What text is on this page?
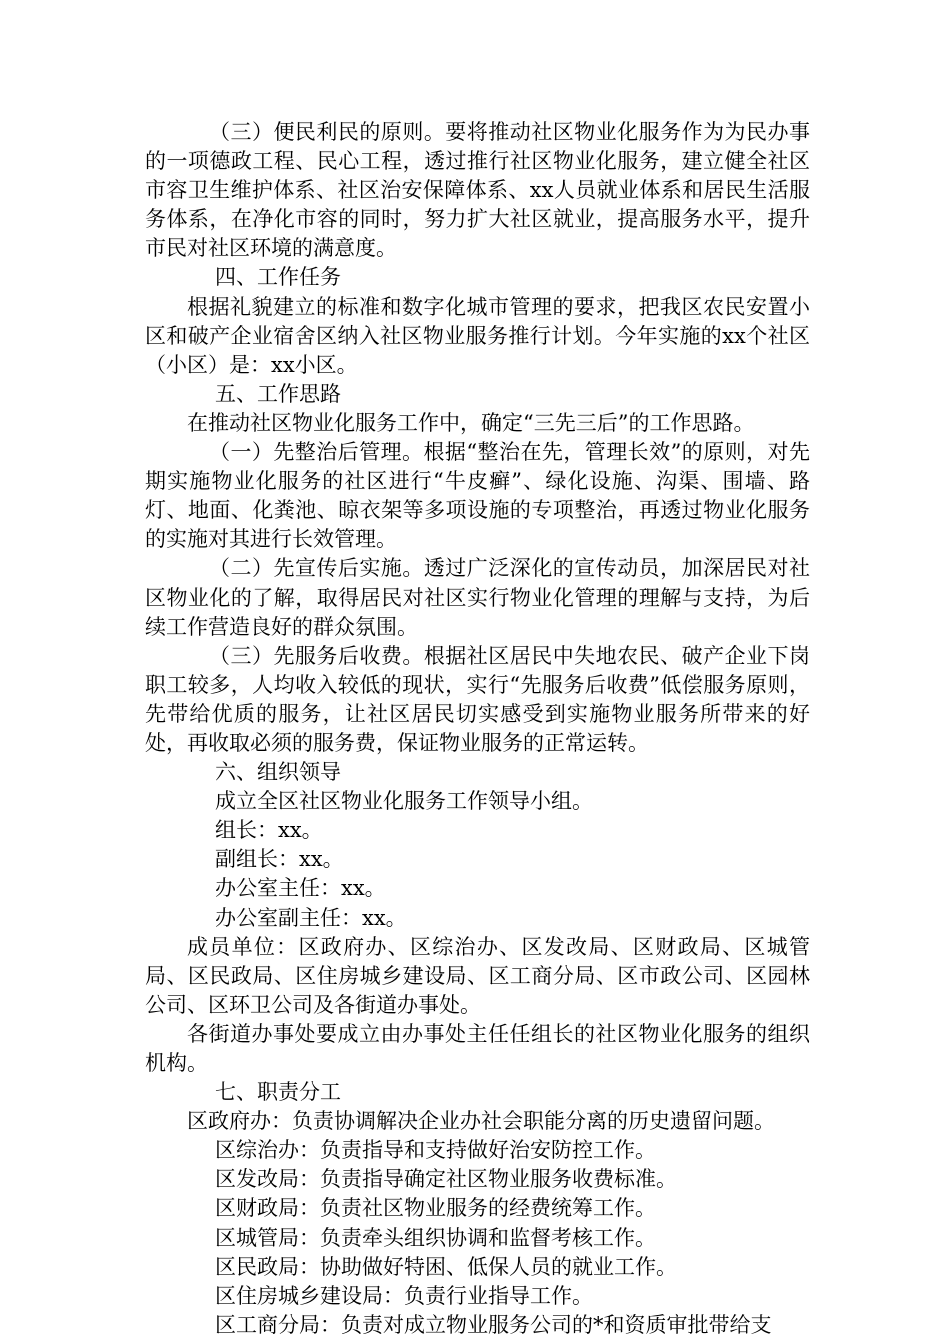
（三）便民利民的原则。要将推动社区物业化服务作为为民办事的一项德政工程、民心工程，透过推行社区物业化服务，建立健全社区市容卫生维护体系、社区治安保障体系、xx人员就业体系和居民生活服务体系，在净化市容的同时，努力扩大社区就业，提高服务水平，提升市民对社区环境的满意度。

四、工作任务

根据礼貌建立的标准和数字化城市管理的要求，把我区农民安置小区和破产企业宿舍区纳入社区物业服务推行计划。今年实施的xx个社区（小区）是：xx小区。

五、工作思路

在推动社区物业化服务工作中，确定“三先三后”的工作思路。

（一）先整治后管理。根据“整治在先，管理长效”的原则，对先期实施物业化服务的社区进行“牛皮癣”、绿化设施、沟渠、围墙、路灯、地面、化粪池、晾衣架等多项设施的专项整治，再透过物业化服务的实施对其进行长效管理。

（二）先宣传后实施。透过广泛深化的宣传动员，加深居民对社区物业化的了解，取得居民对社区实行物业化管理的理解与支持，为后续工作营造良好的群众氛围。

（三）先服务后收费。根据社区居民中失地农民、破产企业下岗职工较多，人均收入较低的现状，实行“先服务后收费”低偿服务原则，先带给优质的服务，让社区居民切实感受到实施物业服务所带来的好处，再收取必须的服务费，保证物业服务的正常运转。

六、组织领导

成立全区社区物业化服务工作领导小组。

组长：xx。

副组长：xx。

办公室主任：xx。

办公室副主任：xx。

成员单位：区政府办、区综治办、区发改局、区财政局、区城管局、区民政局、区住房城乡建设局、区工商分局、区市政公司、区园林公司、区环卫公司及各街道办事处。

各街道办事处要成立由办事处主任任组长的社区物业化服务的组织机构。

七、职责分工

区政府办：负责协调解决企业办社会职能分离的历史遗留问题。

区综治办：负责指导和支持做好治安防控工作。

区发改局：负责指导确定社区物业服务收费标准。

区财政局：负责社区物业服务的经费统筹工作。

区城管局：负责牵头组织协调和监督考核工作。

区民政局：协助做好特困、低保人员的就业工作。

区住房城乡建设局：负责行业指导工作。

区工商分局：负责对成立物业服务公司的*和资质审批带给支
